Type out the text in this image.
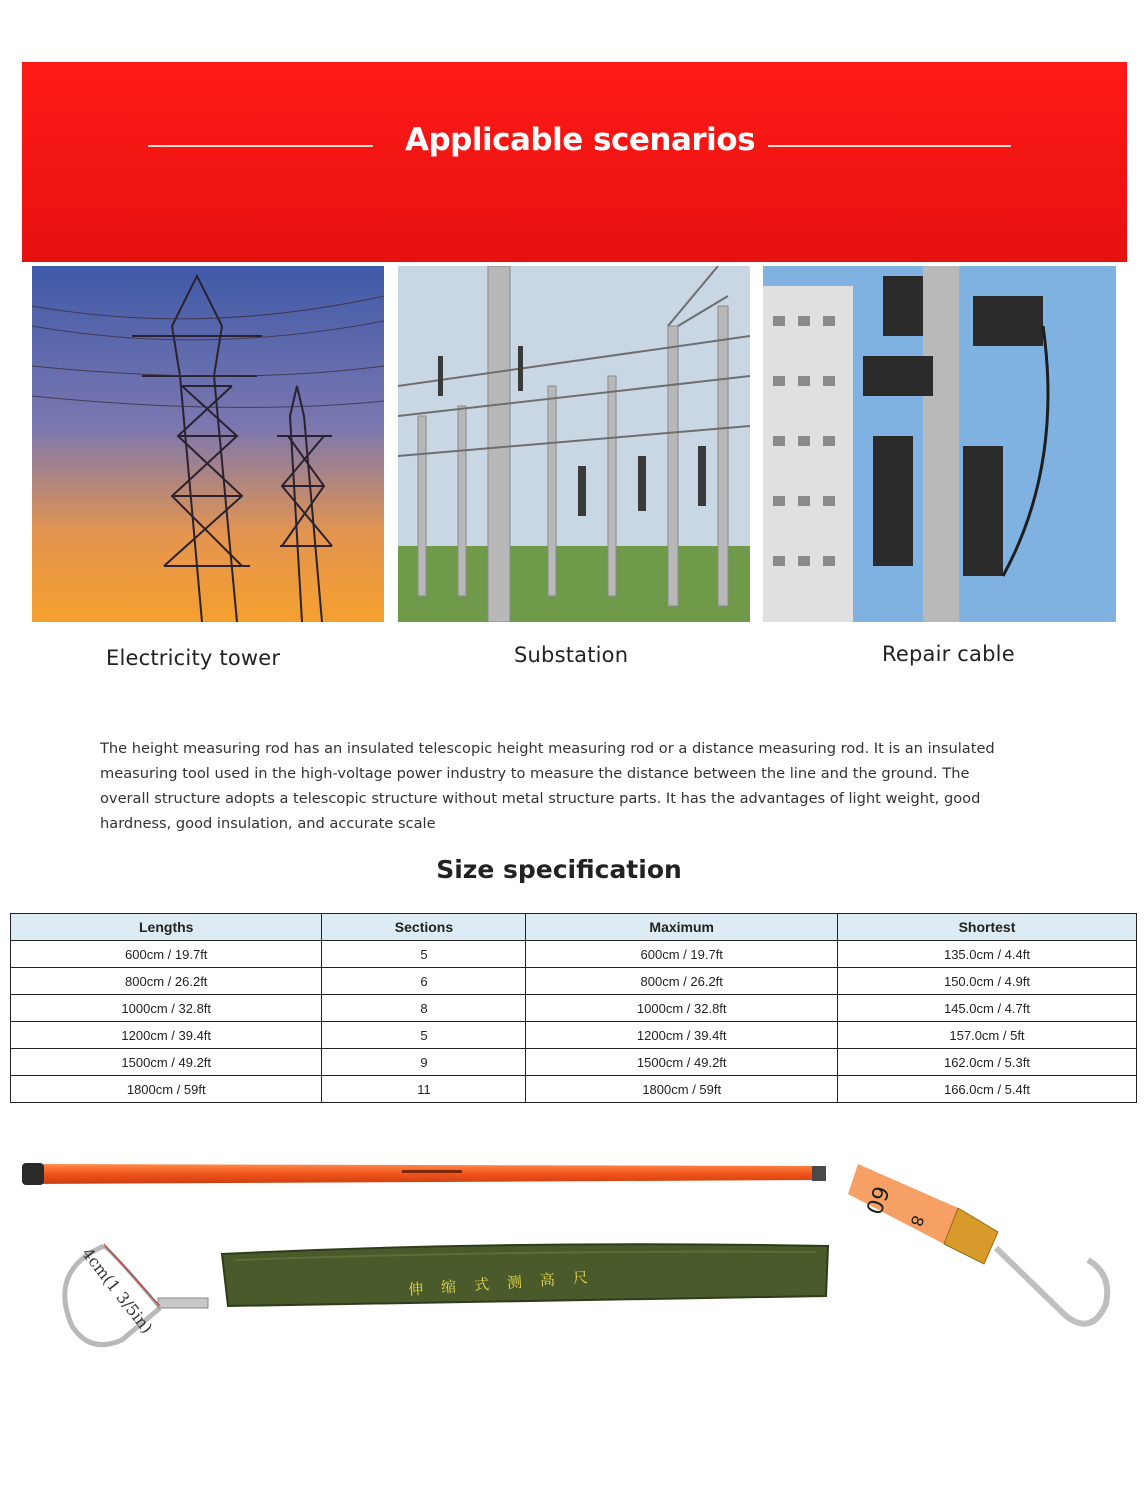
Applicable scenarios
Electricity tower	Substation	Repair cable
The height measuring rod has an insulated telescopic height measuring rod or a distance measuring rod. It is an insulated
measuring tool used in the high-voltage power industry to measure the distance between the line and the ground. The
overall structure adopts a telescopic structure without metal structure parts. It has the advantages of light weight, good
hardness, good insulation, and accurate scale
Size specification
Lengths	Sections	Maximum	Shortest
600cm / 19.7ft	5	600cm / 19.7ft	135.0cm / 4.4ft
800cm / 26.2ft	6	800cm / 26.2ft	150.0cm / 4.9ft
1000cm / 32.8ft	8	1000cm / 32.8ft	145.0cm / 4.7ft
1200cm / 39.4ft	5	1200cm / 39.4ft	157.0cm / 5ft
1500cm / 49.2ft	9	1500cm / 49.2ft	162.0cm / 5.3ft
1800cm / 59ft	11	1800cm / 59ft	166.0cm / 5.4ft
4cm(1 3/5in)	伸缩式测高尺
60
8
